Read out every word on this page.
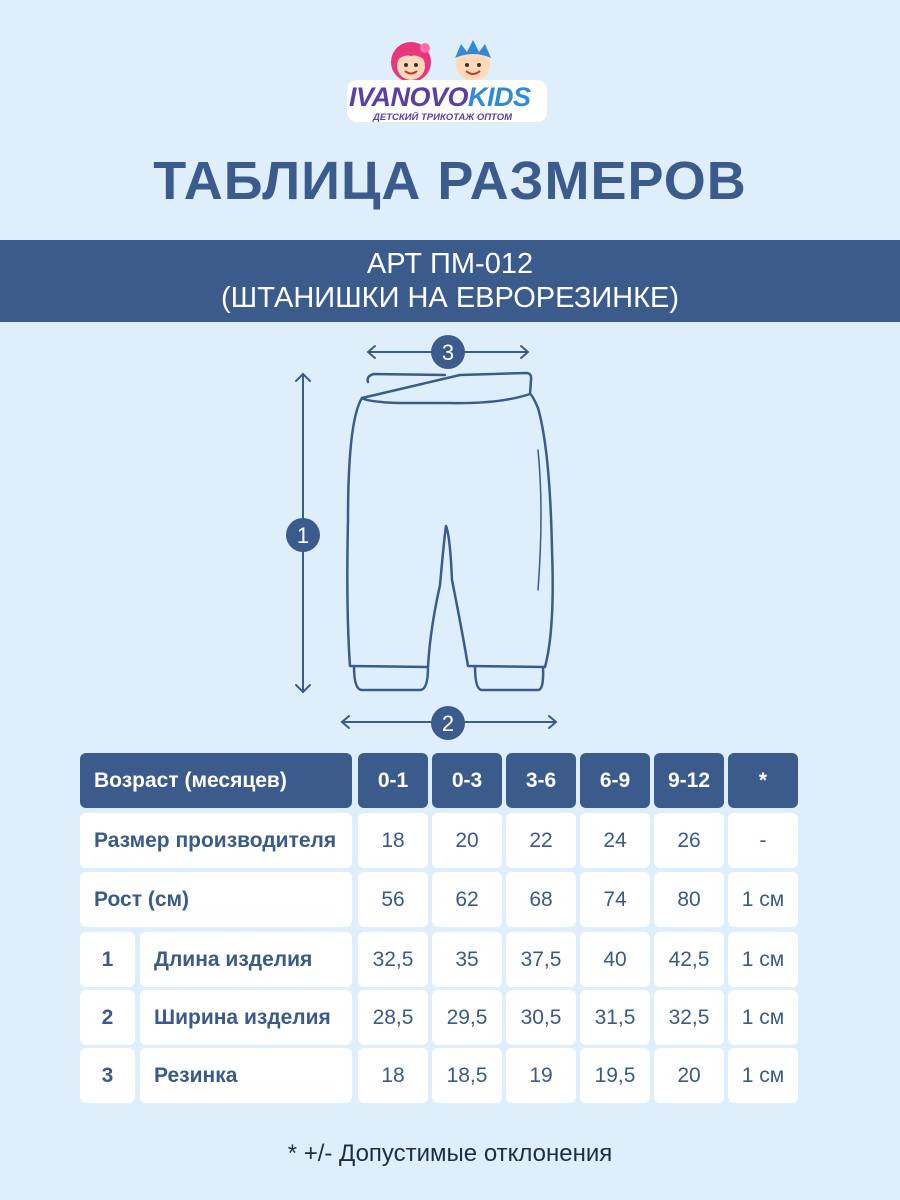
IVANOVOKIDS
ДЕТСКИЙ ТРИКОТАЖ ОПТОМ
ТАБЛИЦА РАЗМЕРОВ
АРТ ПМ-012
(ШТАНИШКИ НА ЕВРОРЕЗИНКЕ)
1
2
3
Возраст (месяцев)	0-1	0-3	3-6	6-9	9-12	*
Размер производителя	18	20	22	24	26	-
Рост (см)	56	62	68	74	80	1 см
1	Длина изделия	32,5	35	37,5	40	42,5	1 см
2	Ширина изделия	28,5	29,5	30,5	31,5	32,5	1 см
3	Резинка	18	18,5	19	19,5	20	1 см
* +/- Допустимые отклонения
